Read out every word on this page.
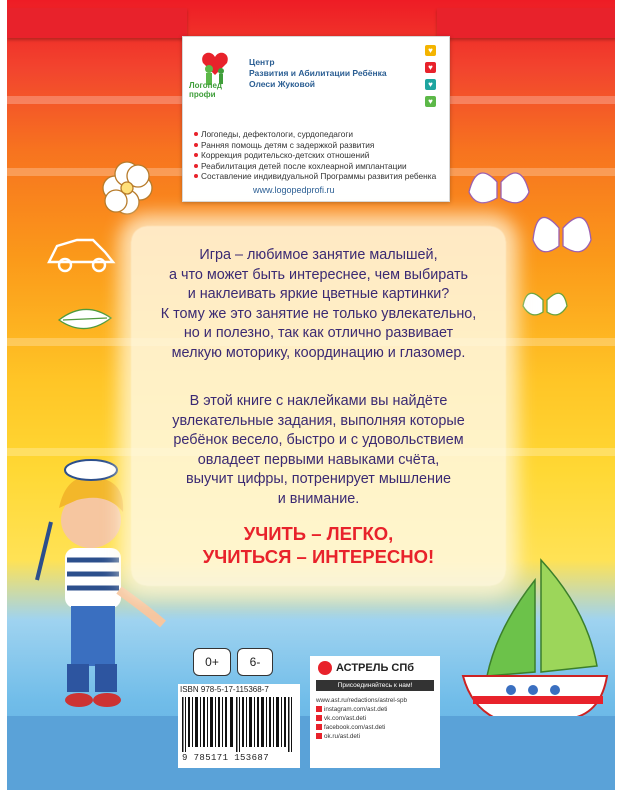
Логопед
профи
Центр
Развития и Абилитации Ребёнка
Олеси Жуковой
♥
♥
♥
♥
Логопеды, дефектологи, сурдопедагоги
Ранняя помощь детям с задержкой развития
Коррекция родительско-детских отношений
Реабилитация детей после кохлеарной имплантации
Составление индивидуальной Программы развития ребенка
www.logopedprofi.ru
Игра – любимое занятие малышей,
а что может быть интереснее, чем выбирать
и наклеивать яркие цветные картинки?
К тому же это занятие не только увлекательно,
но и полезно, так как отлично развивает
мелкую моторику, координацию и глазомер.
В этой книге с наклейками вы найдёте
увлекательные задания, выполняя которые
ребёнок весело, быстро и с удовольствием
овладеет первыми навыками счёта,
выучит цифры, потренирует мышление
и внимание.
УЧИТЬ – ЛЕГКО,
УЧИТЬСЯ – ИНТЕРЕСНО!
0+	6-
ISBN 978-5-17-115368-7
9 785171 153687
АСТРЕЛЬ СПб
Присоединяйтесь к нам!
www.ast.ru/redactions/astrel-spb
instagram.com/ast.deti
vk.com/ast.deti
facebook.com/ast.deti
ok.ru/ast.deti
